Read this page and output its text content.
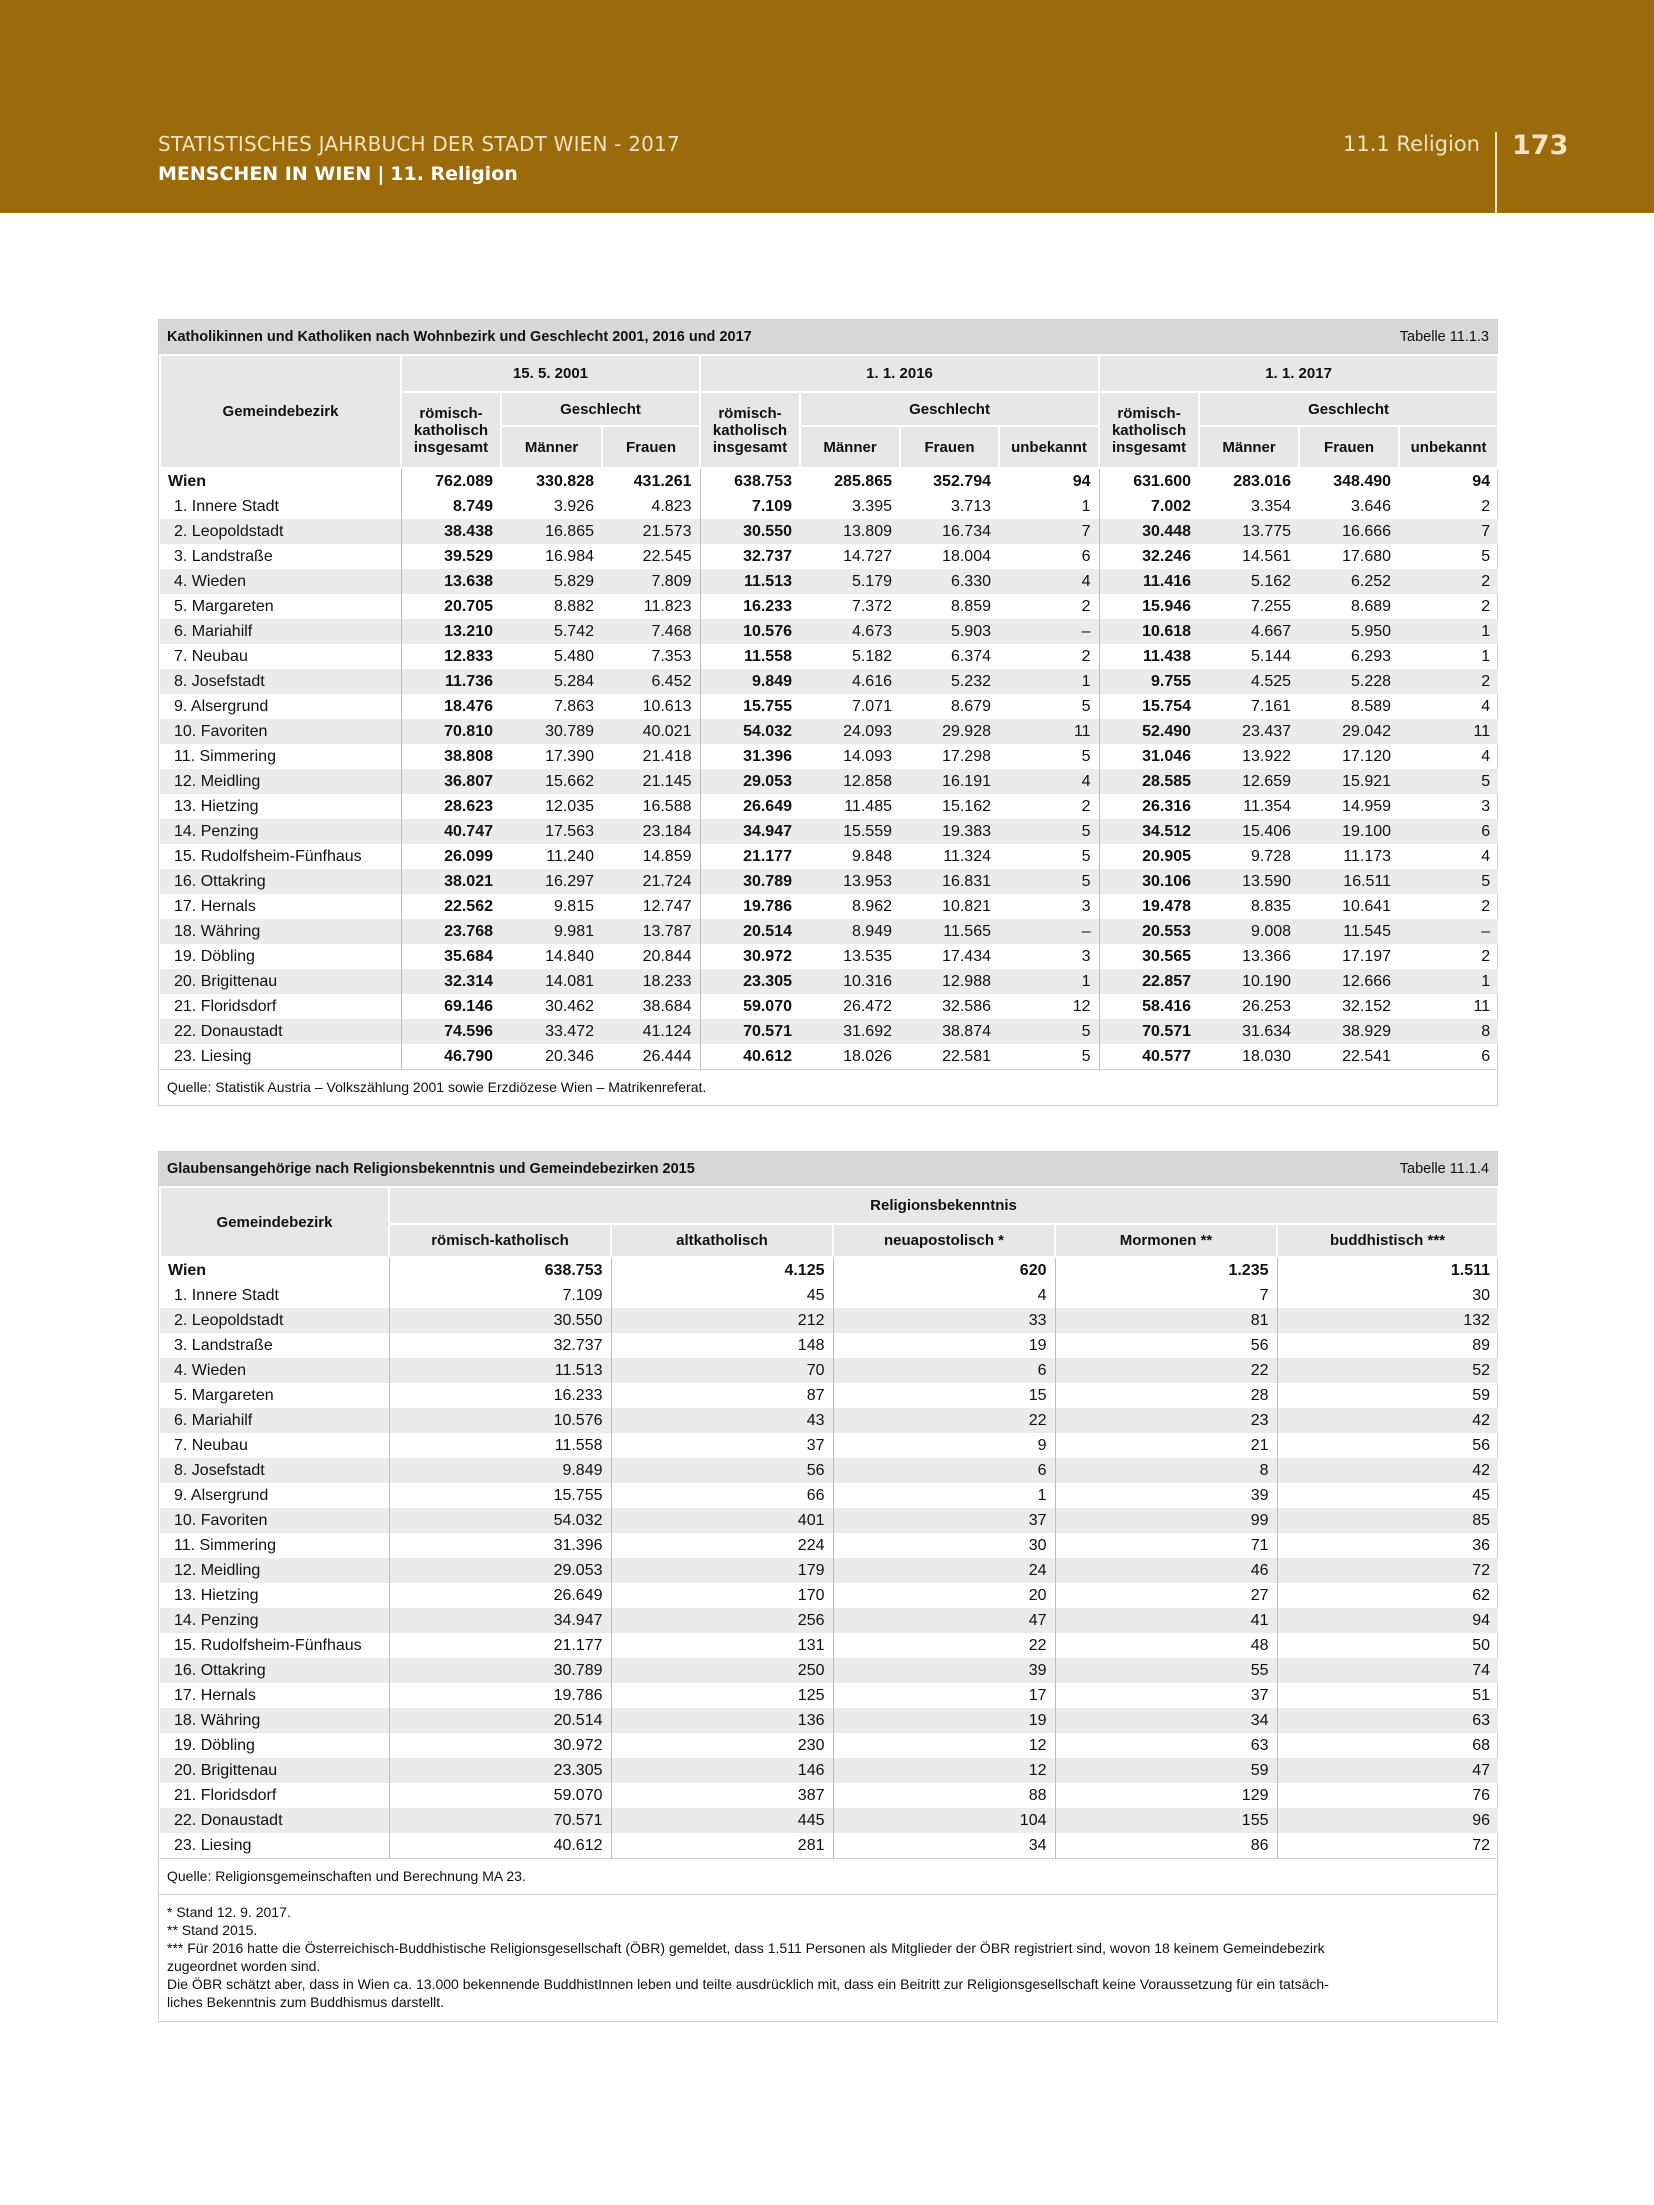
STATISTISCHES JAHRBUCH DER STADT WIEN - 2017
MENSCHEN IN WIEN | 11. Religion
11.1 Religion 173
Katholikinnen und Katholiken nach Wohnbezirk und Geschlecht 2001, 2016 und 2017	Tabelle 11.1.3
Gemeindebezirk	15. 5. 2001			1. 1. 2016				1. 1. 2017			
	römisch-
katholisch
insgesamt	Geschlecht		römisch-
katholisch
insgesamt	Geschlecht			römisch-
katholisch
insgesamt	Geschlecht		
		Männer	Frauen		Männer	Frauen	unbekannt		Männer	Frauen	unbekannt
Wien	762.089	330.828	431.261	638.753	285.865	352.794	94	631.600	283.016	348.490	94
1. Innere Stadt	8.749	3.926	4.823	7.109	3.395	3.713	1	7.002	3.354	3.646	2
2. Leopoldstadt	38.438	16.865	21.573	30.550	13.809	16.734	7	30.448	13.775	16.666	7
3. Landstraße	39.529	16.984	22.545	32.737	14.727	18.004	6	32.246	14.561	17.680	5
4. Wieden	13.638	5.829	7.809	11.513	5.179	6.330	4	11.416	5.162	6.252	2
5. Margareten	20.705	8.882	11.823	16.233	7.372	8.859	2	15.946	7.255	8.689	2
6. Mariahilf	13.210	5.742	7.468	10.576	4.673	5.903	–	10.618	4.667	5.950	1
7. Neubau	12.833	5.480	7.353	11.558	5.182	6.374	2	11.438	5.144	6.293	1
8. Josefstadt	11.736	5.284	6.452	9.849	4.616	5.232	1	9.755	4.525	5.228	2
9. Alsergrund	18.476	7.863	10.613	15.755	7.071	8.679	5	15.754	7.161	8.589	4
10. Favoriten	70.810	30.789	40.021	54.032	24.093	29.928	11	52.490	23.437	29.042	11
11. Simmering	38.808	17.390	21.418	31.396	14.093	17.298	5	31.046	13.922	17.120	4
12. Meidling	36.807	15.662	21.145	29.053	12.858	16.191	4	28.585	12.659	15.921	5
13. Hietzing	28.623	12.035	16.588	26.649	11.485	15.162	2	26.316	11.354	14.959	3
14. Penzing	40.747	17.563	23.184	34.947	15.559	19.383	5	34.512	15.406	19.100	6
15. Rudolfsheim-Fünfhaus	26.099	11.240	14.859	21.177	9.848	11.324	5	20.905	9.728	11.173	4
16. Ottakring	38.021	16.297	21.724	30.789	13.953	16.831	5	30.106	13.590	16.511	5
17. Hernals	22.562	9.815	12.747	19.786	8.962	10.821	3	19.478	8.835	10.641	2
18. Währing	23.768	9.981	13.787	20.514	8.949	11.565	–	20.553	9.008	11.545	–
19. Döbling	35.684	14.840	20.844	30.972	13.535	17.434	3	30.565	13.366	17.197	2
20. Brigittenau	32.314	14.081	18.233	23.305	10.316	12.988	1	22.857	10.190	12.666	1
21. Floridsdorf	69.146	30.462	38.684	59.070	26.472	32.586	12	58.416	26.253	32.152	11
22. Donaustadt	74.596	33.472	41.124	70.571	31.692	38.874	5	70.571	31.634	38.929	8
23. Liesing	46.790	20.346	26.444	40.612	18.026	22.581	5	40.577	18.030	22.541	6
Quelle: Statistik Austria – Volkszählung 2001 sowie Erzdiözese Wien – Matrikenreferat.
Glaubensangehörige nach Religionsbekenntnis und Gemeindebezirken 2015	Tabelle 11.1.4
Gemeindebezirk	Religionsbekenntnis				
	römisch-katholisch	altkatholisch	neuapostolisch *	Mormonen **	buddhistisch ***
Wien	638.753	4.125	620	1.235	1.511
1. Innere Stadt	7.109	45	4	7	30
2. Leopoldstadt	30.550	212	33	81	132
3. Landstraße	32.737	148	19	56	89
4. Wieden	11.513	70	6	22	52
5. Margareten	16.233	87	15	28	59
6. Mariahilf	10.576	43	22	23	42
7. Neubau	11.558	37	9	21	56
8. Josefstadt	9.849	56	6	8	42
9. Alsergrund	15.755	66	1	39	45
10. Favoriten	54.032	401	37	99	85
11. Simmering	31.396	224	30	71	36
12. Meidling	29.053	179	24	46	72
13. Hietzing	26.649	170	20	27	62
14. Penzing	34.947	256	47	41	94
15. Rudolfsheim-Fünfhaus	21.177	131	22	48	50
16. Ottakring	30.789	250	39	55	74
17. Hernals	19.786	125	17	37	51
18. Währing	20.514	136	19	34	63
19. Döbling	30.972	230	12	63	68
20. Brigittenau	23.305	146	12	59	47
21. Floridsdorf	59.070	387	88	129	76
22. Donaustadt	70.571	445	104	155	96
23. Liesing	40.612	281	34	86	72
Quelle: Religionsgemeinschaften und Berechnung MA 23.
* Stand 12. 9. 2017.
** Stand 2015.
*** Für 2016 hatte die Österreichisch-Buddhistische Religionsgesellschaft (ÖBR) gemeldet, dass 1.511 Personen als Mitglieder der ÖBR registriert sind, wovon 18 keinem Gemeindebezirk
zugeordnet worden sind.
Die ÖBR schätzt aber, dass in Wien ca. 13.000 bekennende BuddhistInnen leben und teilte ausdrücklich mit, dass ein Beitritt zur Religionsgesellschaft keine Voraussetzung für ein tatsäch-
liches Bekenntnis zum Buddhismus darstellt.
